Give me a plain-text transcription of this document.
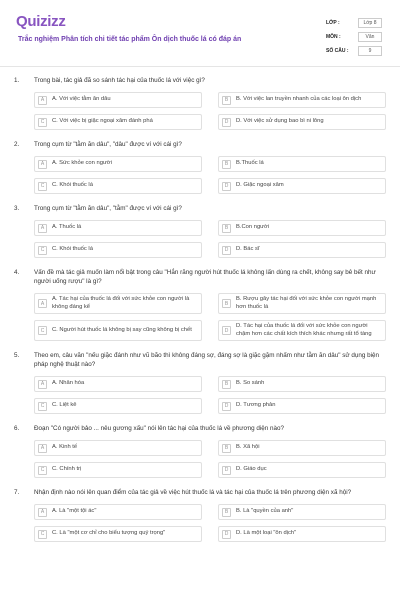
Quizizz
Trắc nghiệm Phân tích chi tiết tác phẩm Ôn dịch thuốc lá có đáp án
LỚP :	Lớp 8
MÔN :	Văn
SỐ CÂU :	9
1.	Trong bài, tác giả đã so sánh tác hại của thuốc lá với việc gì?
A	A. Với việc tằm ăn dâu	B	B. Với việc lan truyền nhanh của các loại ôn dịch
C	C. Với việc bị giặc ngoại xâm đánh phá	D	D. Với việc sử dụng bao bì ni lông
2.	Trong cụm từ "tằm ăn dâu", "dâu" được ví với cái gì?
A	A. Sức khỏe con người	B	B.Thuốc lá
C	C. Khói thuốc lá	D	D. Giặc ngoại xâm
3.	Trong cụm từ "tằm ăn dâu", "tằm" được ví với cái gì?
A	A. Thuốc lá	B	B.Con người
C	C. Khói thuốc lá	D	D. Bác sĩ
4.	Vấn đề mà tác giả muốn làm nổi bật trong câu "Hắn răng người hút thuốc lá không lấn dùng ra chết, không say bê bết như người uống rượu" là gì?
A
A. Tác hại của thuốc lá đối với sức khỏe con người là không đáng kể	B
B. Rượu gây tác hại đối với sức khỏe con người mạnh hơn thuốc lá
C	C. Người hút thuốc lá không bị say cũng không bị chết	D
D. Tác hại của thuốc lá đối với sức khỏe con người chậm hơn các chất kích thích khác nhưng rất tổ tàng
5.	Theo em, câu văn "nếu giặc đánh như vũ bão thì không đáng sợ, đáng sợ là giặc gặm nhấm như tằm ăn dâu" sử dụng biện pháp nghệ thuật nào?
A	A. Nhân hóa	B	B. So sánh
C	C. Liệt kê	D	D. Tương phản
6.	Đoạn "Có người bảo ... nêu gương xấu" nói lên tác hại của thuốc lá về phương diện nào?
A	A. Kinh tế	B	B. Xã hội
C	C. Chính trị	D	D. Giáo dục
7.	Nhận định nào nói lên quan điểm của tác giả về việc hút thuốc lá và tác hại của thuốc lá trên phương diện xã hội?
A	A. Là "một tội ác"	B	B. Là "quyền của anh"
C	C. Là "một cơ chỉ cho biểu tượng quý trọng"	D	D. Là một loại "ôn dịch"
